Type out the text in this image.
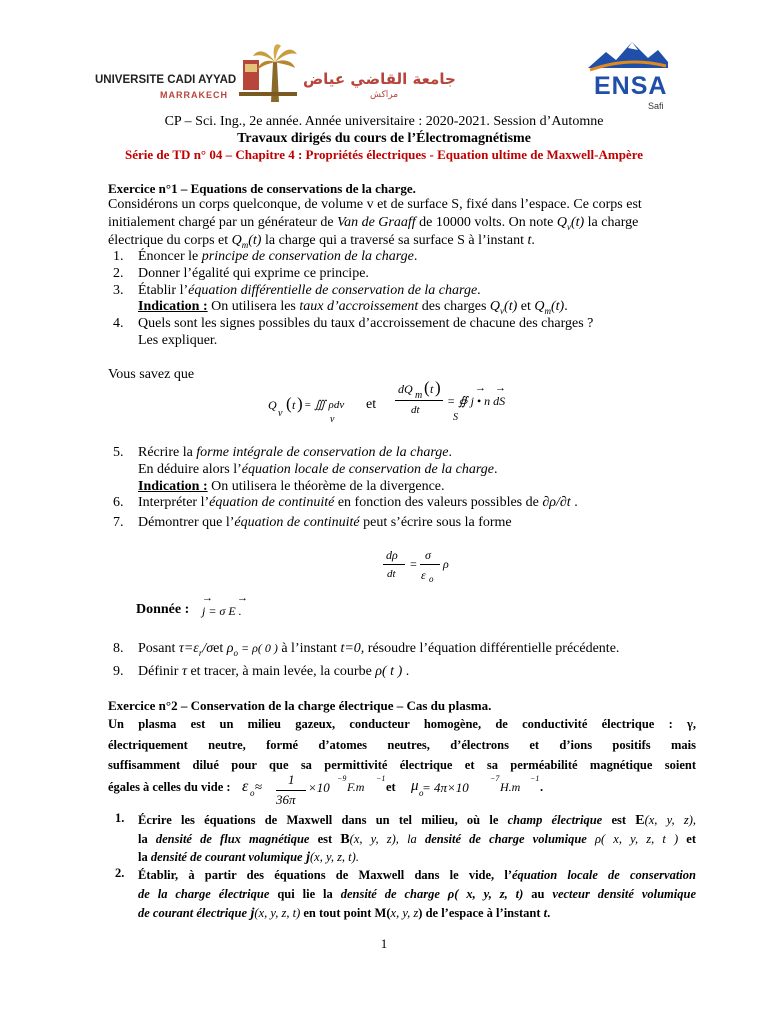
UNIVERSITE CADI AYYAD
MARRAKECH
جامعة القاضي عياض
مراكش	ENSA
Safi
CP – Sci. Ing., 2e année. Année universitaire : 2020-2021. Session d’Automne
Travaux dirigés du cours de l’Électromagnétisme
Série de TD n° 04 – Chapitre 4 : Propriétés électriques - Equation ultime de Maxwell-Ampère
Exercice n°1 – Equations de conservations de la charge.
Considérons un corps quelconque, de volume v et de surface S, fixé dans l’espace. Ce corps est
initialement chargé par un générateur de Van de Graaff de 10000 volts. On note $Q_v(t)$ la charge
électrique du corps et $Q_m(t)$ la charge qui a traversé sa surface S à l’instant t.
1. Énoncer le principe de conservation de la charge.
2. Donner l’égalité qui exprime ce principe.
3. Établir l’équation différentielle de conservation de la charge.
Indication : On utilisera les taux d’accroissement des charges $Q_v(t)$ et $Q_m(t)$.
4. Quels sont les signes possibles du taux d’accroissement de chacune des charges ?
Les expliquer.
Vous savez que
Q
v
( t ) = ∭ ρdv
v
et
dQ m ( t )
dt
= ∯ j • n dS
→ →
S
5. Récrire la forme intégrale de conservation de la charge.
En déduire alors l’équation locale de conservation de la charge.
Indication : On utilisera le théorème de la divergence.
6. Interpréter l’équation de continuité en fonction des valeurs possibles de ∂ρ/∂t .
7. Démontrer que l’équation de continuité peut s’écrire sous la forme
dρ
dt
=
σ
ε o
ρ
Donnée :
→ →
j = σ E .
8. Posant $\tau=\varepsilon_r$/σet $\rho_o = \rho$( 0 ) à l’instant t=0, résoudre l’équation différentielle précédente.
9. Définir τ et tracer, à main levée, la courbe ρ( t ) .
Exercice n°2 – Conservation de la charge électrique – Cas du plasma.
Un plasma est un milieu gazeux, conducteur homogène, de conductivité électrique : γ,
électriquement neutre, formé d’atomes neutres, d’électrons et d’ions positifs mais
suffisamment dilué pour que sa permittivité électrique et sa perméabilité magnétique soient
égales à celles du vide : ε o ≈ 1
36π
×10
−9
F.m
−1
et μ o
= 4π×10
−7
H.m
−1
.
1. Écrire les équations de Maxwell dans un tel milieu, où le champ électrique est E(x, y, z),
la densité de flux magnétique est B(x, y, z), la densité de charge volumique ρ( x, y, z, t ) et
la densité de courant volumique j(x, y, z, t).
2. Établir, à partir des équations de Maxwell dans le vide, l’équation locale de conservation
de la charge électrique qui lie la densité de charge ρ( x, y, z, t) au vecteur densité volumique
de courant électrique j(x, y, z, t) en tout point M(x, y, z) de l’espace à l’instant t.
1
